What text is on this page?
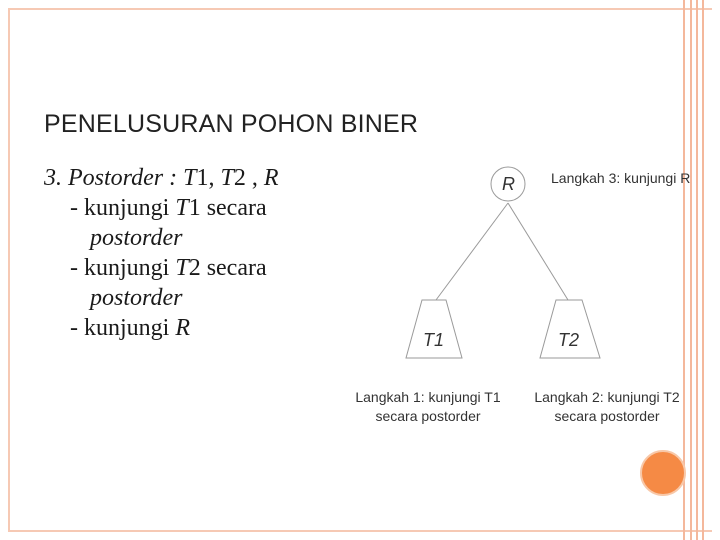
PENELUSURAN POHON BINER
3. Postorder : T1, T2 , R
- kunjungi T1 secara
postorder
- kunjungi T2 secara
postorder
- kunjungi R
R
T1	T2
Langkah 3: kunjungi R
Langkah 1: kunjungi T1
secara postorder
Langkah 2: kunjungi T2
secara postorder
